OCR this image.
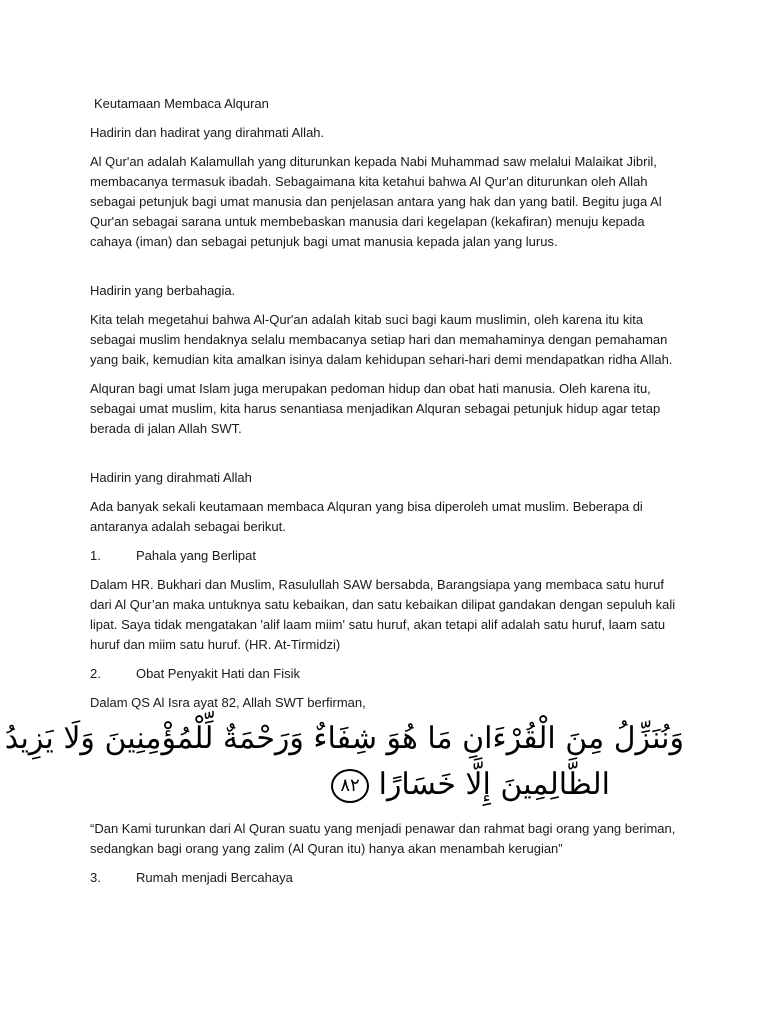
Keutamaan Membaca Alquran

Hadirin dan hadirat yang dirahmati Allah.

Al Qur'an adalah Kalamullah yang diturunkan kepada Nabi Muhammad saw melalui Malaikat Jibril, membacanya termasuk ibadah. Sebagaimana kita ketahui bahwa Al Qur'an diturunkan oleh Allah sebagai petunjuk bagi umat manusia dan penjelasan antara yang hak dan yang batil. Begitu juga Al Qur'an sebagai sarana untuk membebaskan manusia dari kegelapan (kekafiran) menuju kepada cahaya (iman) dan sebagai petunjuk bagi umat manusia kepada jalan yang lurus.

Hadirin yang berbahagia.

Kita telah megetahui bahwa Al-Qur'an adalah kitab suci bagi kaum muslimin, oleh karena itu kita sebagai muslim hendaknya selalu membacanya setiap hari dan memahaminya dengan pemahaman yang baik, kemudian kita amalkan isinya dalam kehidupan sehari-hari demi mendapatkan ridha Allah.

Alquran bagi umat Islam juga merupakan pedoman hidup dan obat hati manusia. Oleh karena itu, sebagai umat muslim, kita harus senantiasa menjadikan Alquran sebagai petunjuk hidup agar tetap berada di jalan Allah SWT.

Hadirin yang dirahmati Allah

Ada banyak sekali keutamaan membaca Alquran yang bisa diperoleh umat muslim. Beberapa di antaranya adalah sebagai berikut.

1.	Pahala yang Berlipat

Dalam HR. Bukhari dan Muslim, Rasulullah SAW bersabda, Barangsiapa yang membaca satu huruf dari Al Qur’an maka untuknya satu kebaikan, dan satu kebaikan dilipat gandakan dengan sepuluh kali lipat. Saya tidak mengatakan 'alif laam miim' satu huruf, akan tetapi alif adalah satu huruf, laam satu huruf dan miim satu huruf. (HR. At-Tirmidzi)

2.	Obat Penyakit Hati dan Fisik

Dalam QS Al Isra ayat 82, Allah SWT berfirman,

وَنُنَزِّلُ مِنَ الْقُرْءَانِ مَا هُوَ شِفَاءٌ وَرَحْمَةٌ لِّلْمُؤْمِنِينَ وَلَا يَزِيدُ
الظَّالِمِينَ إِلَّا خَسَارًا ٨٢

“Dan Kami turunkan dari Al Quran suatu yang menjadi penawar dan rahmat bagi orang yang beriman, sedangkan bagi orang yang zalim (Al Quran itu) hanya akan menambah kerugian”

3.	Rumah menjadi Bercahaya
